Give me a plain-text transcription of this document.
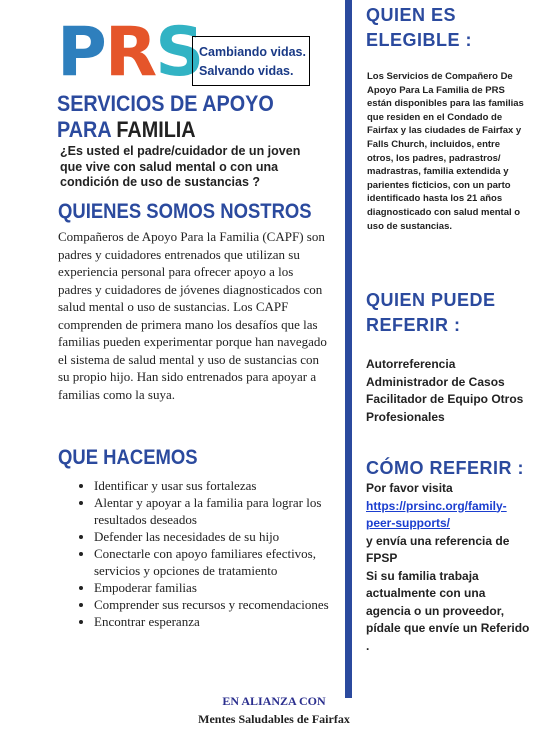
PRS
Cambiando vidas.
Salvando vidas.
SERVICIOS DE APOYO
PARA FAMILIA
¿Es usted el padre/cuidador de un joven que vive con salud mental o con una condición de uso de sustancias ?
QUIENES SOMOS NOSTROS
Compañeros de Apoyo Para la Familia (CAPF) son padres y cuidadores entrenados que utilizan su experiencia personal para ofrecer apoyo a los padres y cuidadores de jóvenes diagnosticados con salud mental o uso de sustancias. Los CAPF comprenden de primera mano los desafíos que las familias pueden experimentar porque han navegado el sistema de salud mental y uso de sustancias con su propio hijo. Han sido entrenados para apoyar a familias como la suya.
QUE HACEMOS
• Identificar y usar sus fortalezas
• Alentar y apoyar a la familia para lograr los resultados deseados
• Defender las necesidades de su hijo
• Conectarle con apoyo familiares efectivos, servicios y opciones de tratamiento
• Empoderar familias
• Comprender sus recursos y recomendaciones
• Encontrar esperanza
EN ALIANZA CON
Mentes Saludables de Fairfax
QUIEN ES
ELEGIBLE :
Los Servicios de Compañero De Apoyo Para La Familia de PRS están disponibles para las familias que residen en el Condado de Fairfax y las ciudades de Fairfax y Falls Church, incluidos, entre otros, los padres, padrastros/ madrastras, familia extendida y parientes ficticios, con un parto identificado hasta los 21 años diagnosticado con salud mental o uso de sustancias.
QUIEN PUEDE
REFERIR :
Autorreferencia Administrador de Casos Facilitador de Equipo Otros Profesionales
CÓMO REFERIR :
Por favor visita
https://prsinc.org/family-peer-supports/
y envía una referencia de FPSP
Si su familia trabaja actualmente con una agencia o un proveedor, pídale que envíe un Referido .
